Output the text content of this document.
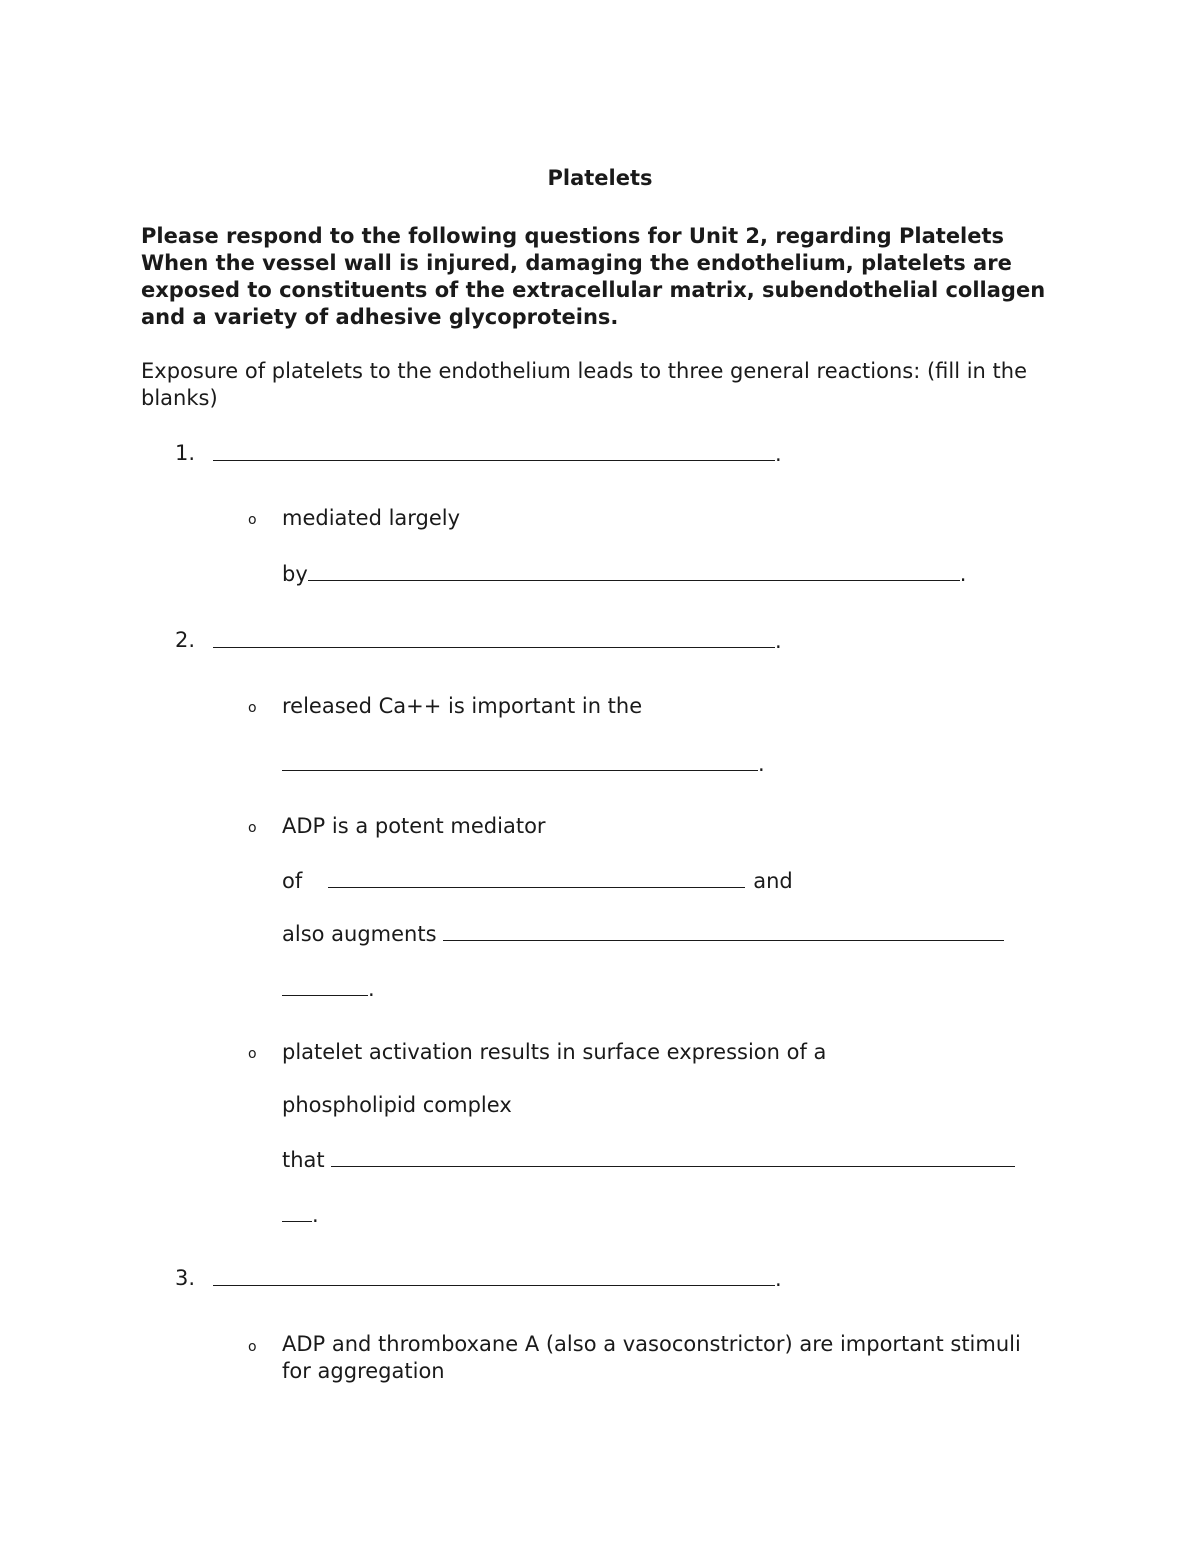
Platelets
Please respond to the following questions for Unit 2, regarding Platelets
When the vessel wall is injured, damaging the endothelium, platelets are
exposed to constituents of the extracellular matrix, subendothelial collagen
and a variety of adhesive glycoproteins.

Exposure of platelets to the endothelium leads to three general reactions: (fill in the blanks)

1.	.
o mediated largely
by	.
2.	.
o released Ca++ is important in the
.
o ADP is a potent mediator
of	and
also augments
.
o platelet activation results in surface expression of a
phospholipid complex
that
.
3.	.
o ADP and thromboxane A (also a vasoconstrictor) are important stimuli for aggregation
